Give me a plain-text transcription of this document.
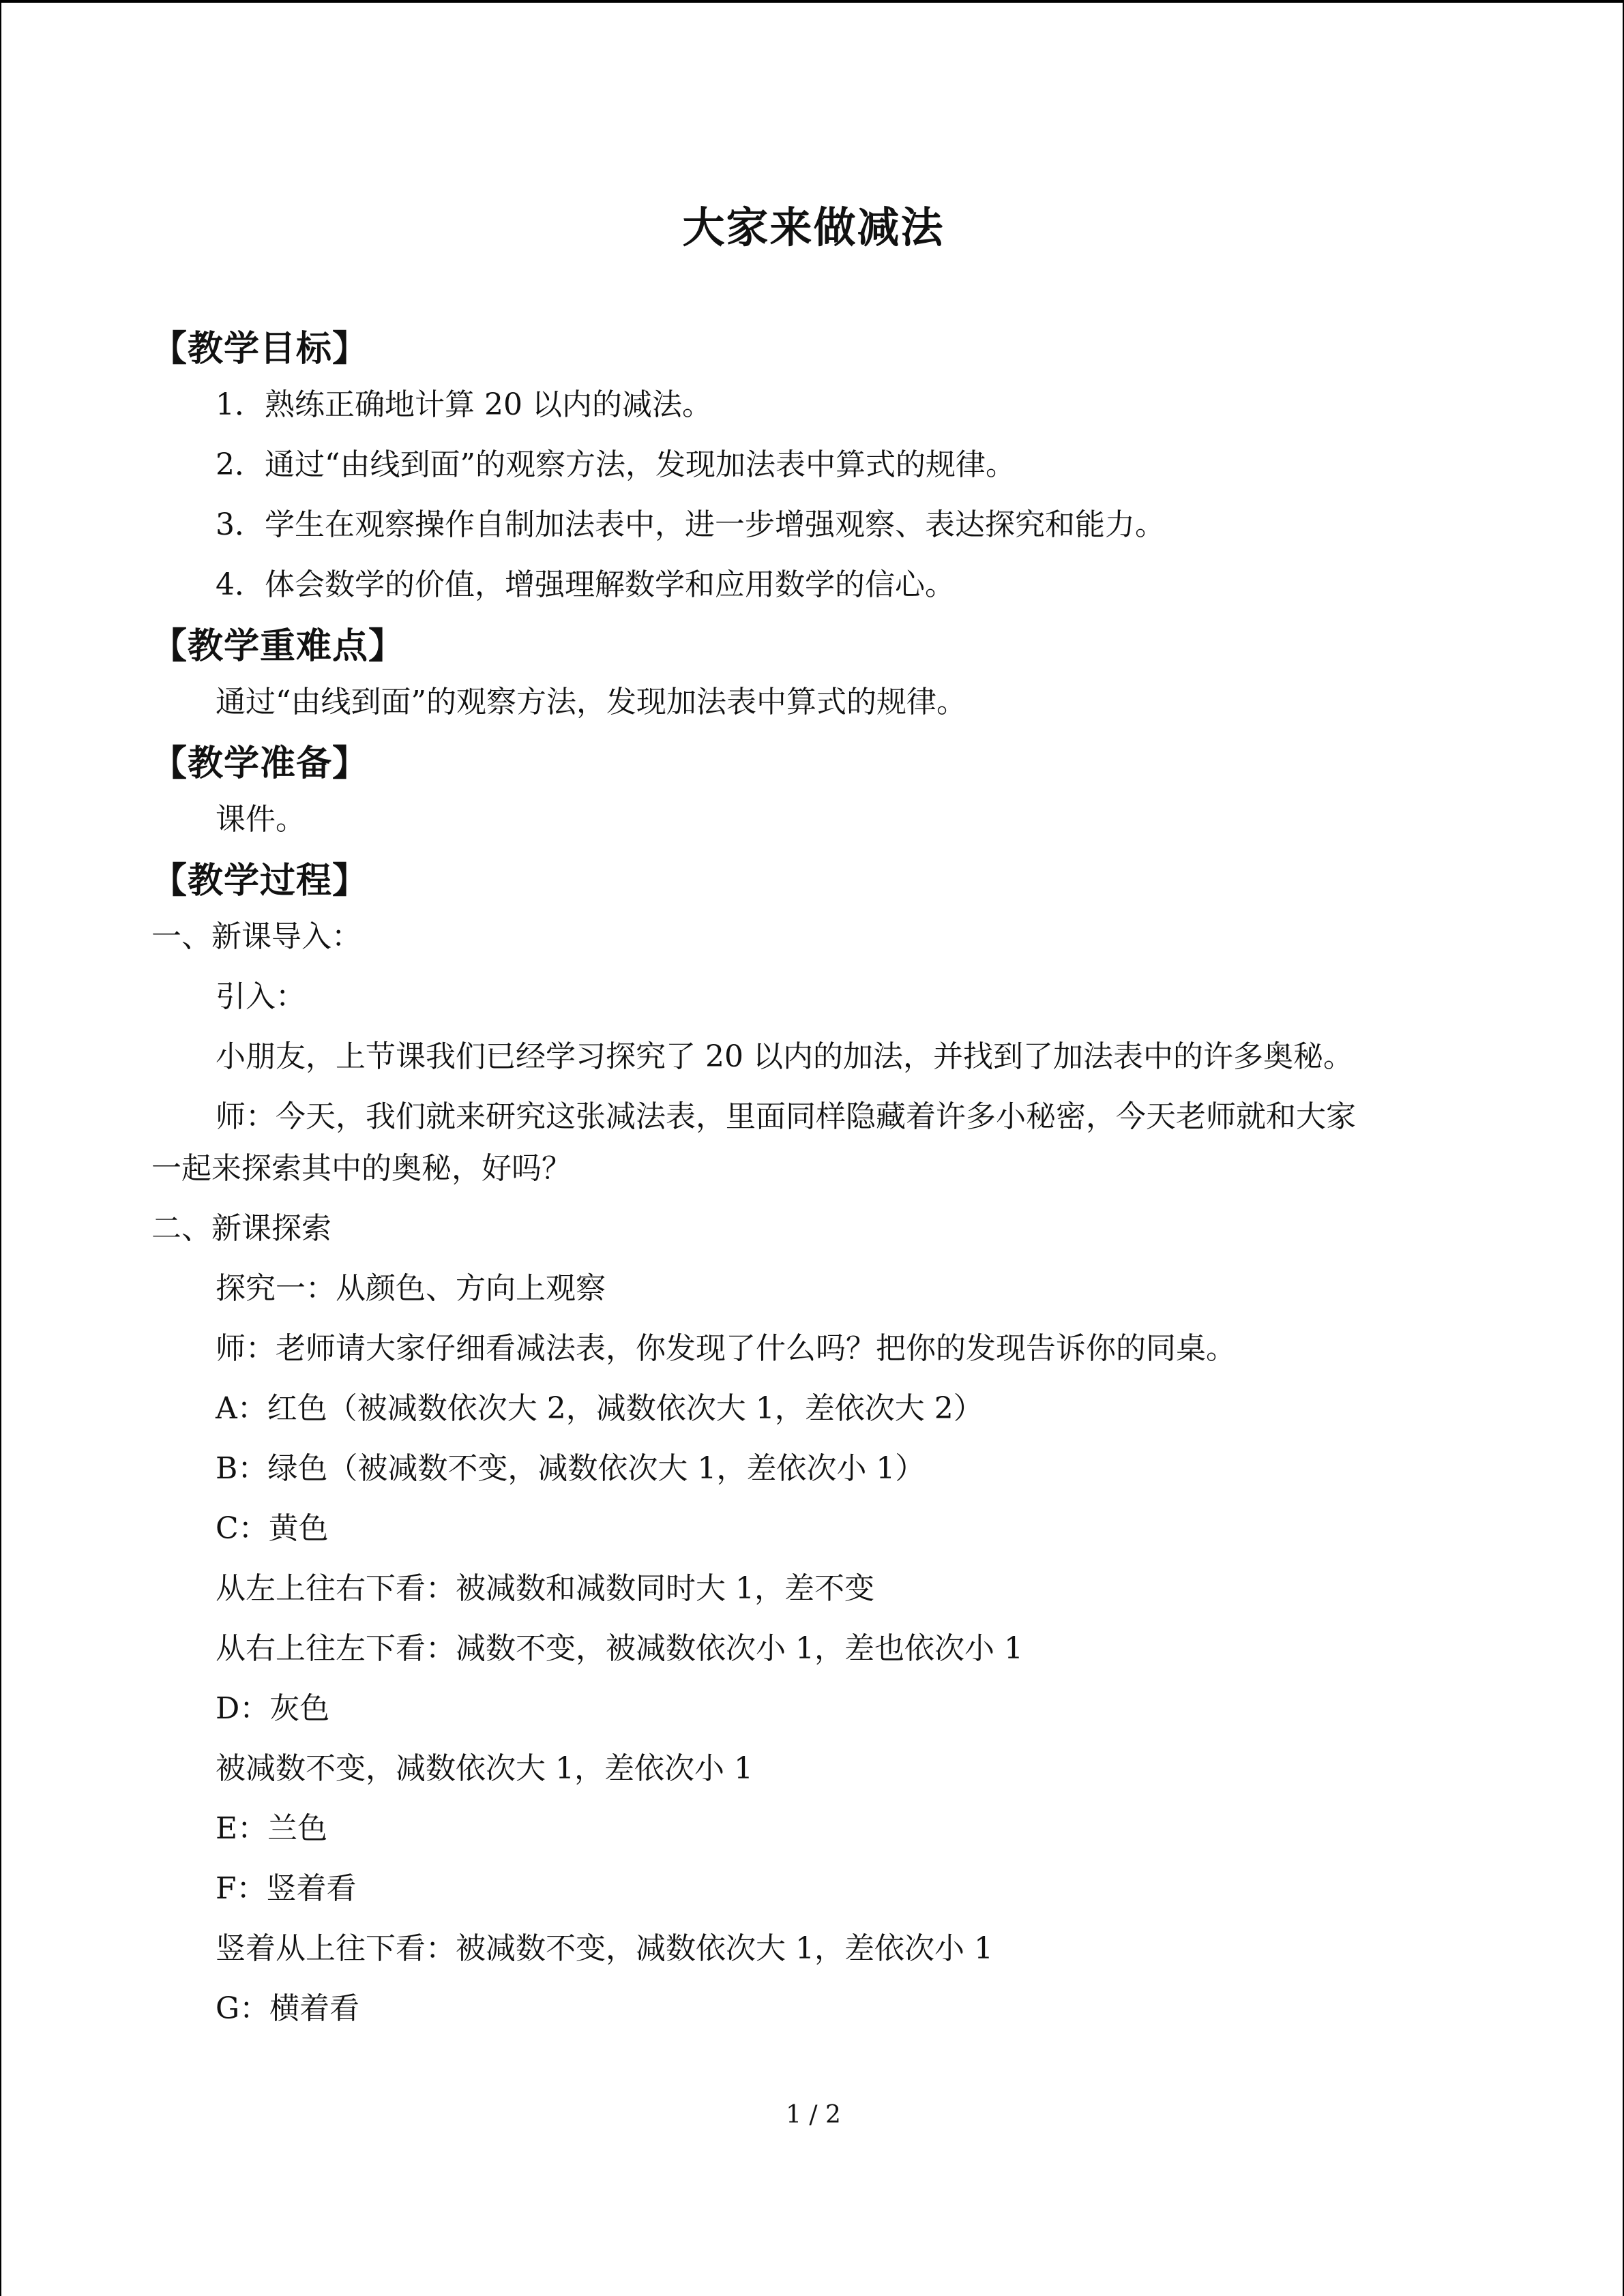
大家来做减法
【教学目标】
1．熟练正确地计算 20 以内的减法。
2．通过“由线到面”的观察方法，发现加法表中算式的规律。
3．学生在观察操作自制加法表中，进一步增强观察、表达探究和能力。
4．体会数学的价值，增强理解数学和应用数学的信心。
【教学重难点】
通过“由线到面”的观察方法，发现加法表中算式的规律。
【教学准备】
课件。
【教学过程】
一、新课导入：
引入：
小朋友，上节课我们已经学习探究了 20 以内的加法，并找到了加法表中的许多奥秘。
师：今天，我们就来研究这张减法表，里面同样隐藏着许多小秘密，今天老师就和大家
一起来探索其中的奥秘，好吗？
二、新课探索
探究一：从颜色、方向上观察
师：老师请大家仔细看减法表，你发现了什么吗？把你的发现告诉你的同桌。
A：红色（被减数依次大 2，减数依次大 1，差依次大 2）
B：绿色（被减数不变，减数依次大 1，差依次小 1）
C：黄色
从左上往右下看：被减数和减数同时大 1，差不变
从右上往左下看：减数不变，被减数依次小 1，差也依次小 1
D：灰色
被减数不变，减数依次大 1，差依次小 1
E：兰色
F：竖着看
竖着从上往下看：被减数不变，减数依次大 1，差依次小 1
G：横着看
1 / 2
